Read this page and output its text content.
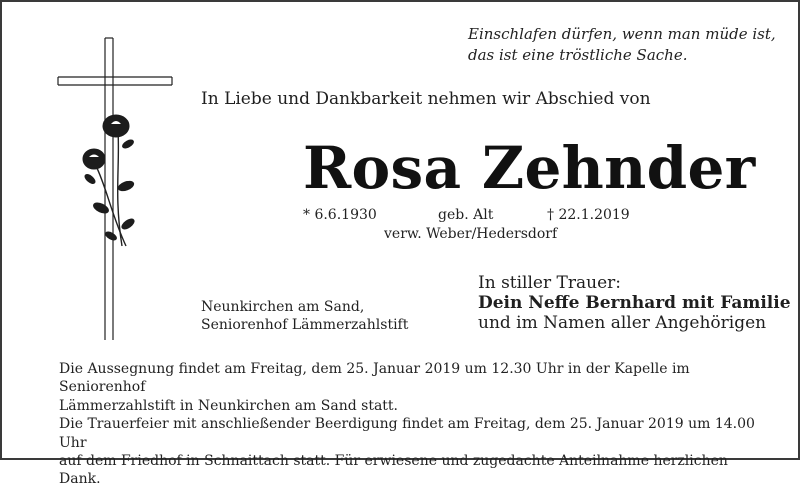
Einschlafen dürfen, wenn man müde ist,
das ist eine tröstliche Sache.
In Liebe und Dankbarkeit nehmen wir Abschied von
Rosa Zehnder
* 6.6.1930	geb. Alt	† 22.1.2019
verw. Weber/Hedersdorf
In stiller Trauer:
Dein Neffe Bernhard mit Familie
und im Namen aller Angehörigen
Neunkirchen am Sand,
Seniorenhof Lämmerzahlstift

Die Aussegnung findet am Freitag, dem 25. Januar 2019 um 12.30 Uhr in der Kapelle im Seniorenhof

Lämmerzahlstift in Neunkirchen am Sand statt.

Die Trauerfeier mit anschließender Beerdigung findet am Freitag, dem 25. Januar 2019 um 14.00 Uhr

auf dem Friedhof in Schnaittach statt. Für erwiesene und zugedachte Anteilnahme herzlichen Dank.
